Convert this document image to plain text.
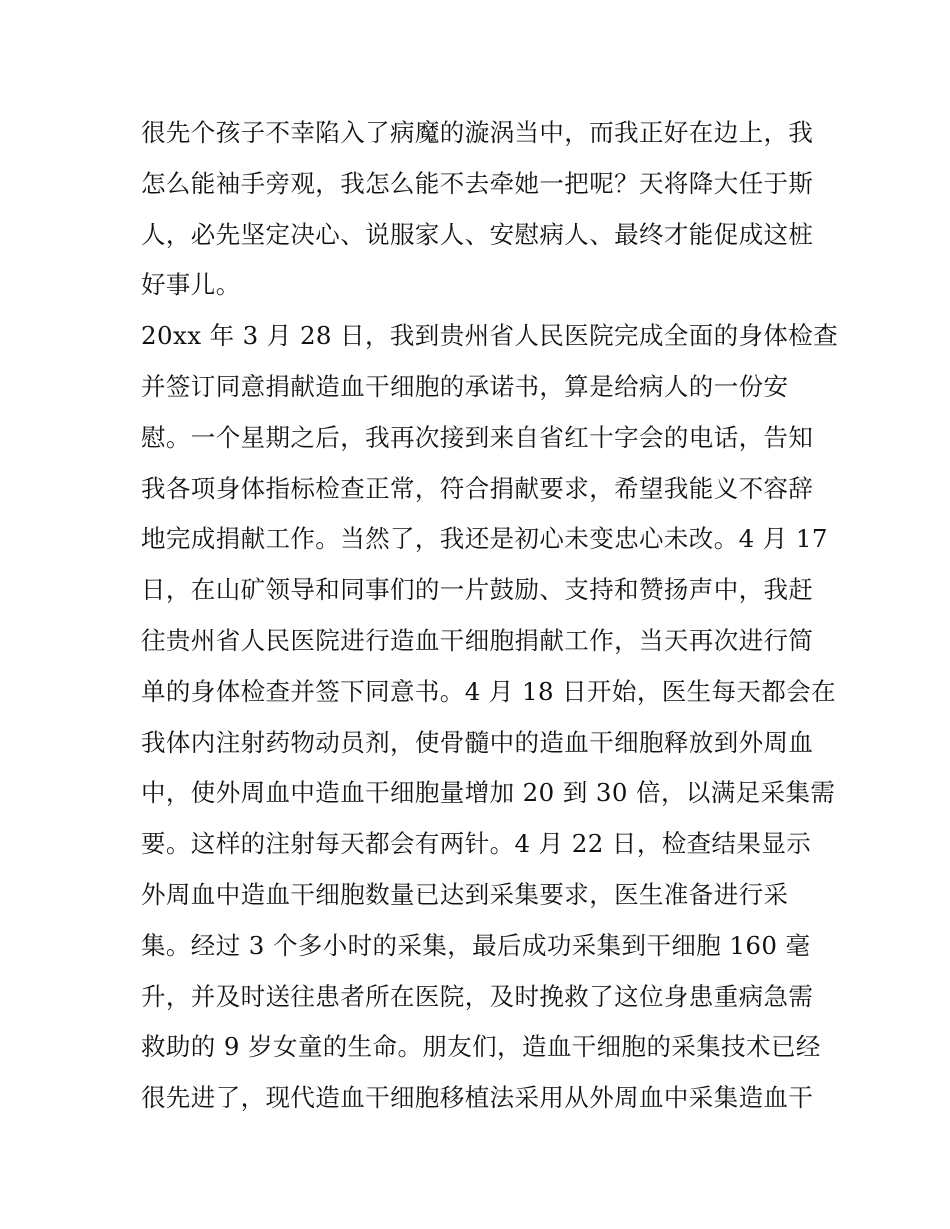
很先个孩子不幸陷入了病魔的漩涡当中，而我正好在边上，我
怎么能袖手旁观，我怎么能不去牵她一把呢？天将降大任于斯
人，必先坚定决心、说服家人、安慰病人、最终才能促成这桩
好事儿。
20xx 年 3 月 28 日，我到贵州省人民医院完成全面的身体检查
并签订同意捐献造血干细胞的承诺书，算是给病人的一份安
慰。一个星期之后，我再次接到来自省红十字会的电话，告知
我各项身体指标检查正常，符合捐献要求，希望我能义不容辞
地完成捐献工作。当然了，我还是初心未变忠心未改。4 月 17
日，在山矿领导和同事们的一片鼓励、支持和赞扬声中，我赶
往贵州省人民医院进行造血干细胞捐献工作，当天再次进行简
单的身体检查并签下同意书。4 月 18 日开始，医生每天都会在
我体内注射药物动员剂，使骨髓中的造血干细胞释放到外周血
中，使外周血中造血干细胞量增加 20 到 30 倍，以满足采集需
要。这样的注射每天都会有两针。4 月 22 日，检查结果显示
外周血中造血干细胞数量已达到采集要求，医生准备进行采
集。经过 3 个多小时的采集，最后成功采集到干细胞 160 毫
升，并及时送往患者所在医院，及时挽救了这位身患重病急需
救助的 9 岁女童的生命。朋友们，造血干细胞的采集技术已经
很先进了，现代造血干细胞移植法采用从外周血中采集造血干
